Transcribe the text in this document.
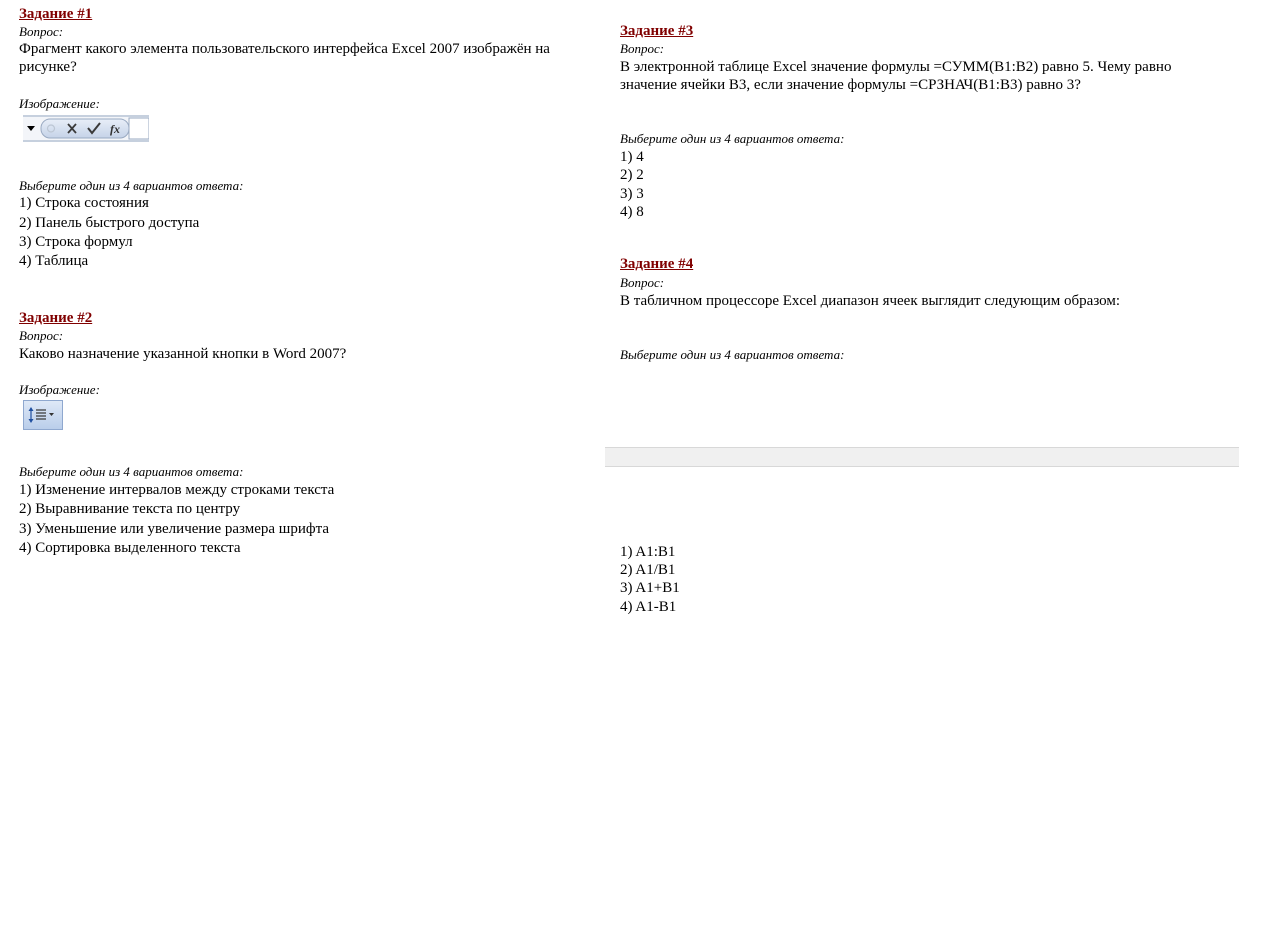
Задание #1
Вопрос:
Фрагмент какого элемента пользовательского интерфейса Excel 2007 изображён на
рисунке?
Изображение:
fx
Выберите один из 4 вариантов ответа:
1) Строка состояния
2) Панель быстрого доступа
3) Строка формул
4) Таблица
Задание #2
Вопрос:
Каково назначение указанной кнопки в Word 2007?
Изображение:
Выберите один из 4 вариантов ответа:
1) Изменение интервалов между строками текста
2) Выравнивание текста по центру
3) Уменьшение или увеличение размера шрифта
4) Сортировка выделенного текста
Задание #3
Вопрос:
В электронной таблице Excel значение формулы =СУММ(B1:B2) равно 5. Чему равно
значение ячейки B3, если значение формулы =СРЗНАЧ(B1:B3) равно 3?
Выберите один из 4 вариантов ответа:
1) 4
2) 2
3) 3
4) 8
Задание #4
Вопрос:
В табличном процессоре Excel диапазон ячеек выглядит следующим образом:
Выберите один из 4 вариантов ответа:
1) A1:B1
2) A1/B1
3) A1+B1
4) A1-B1
